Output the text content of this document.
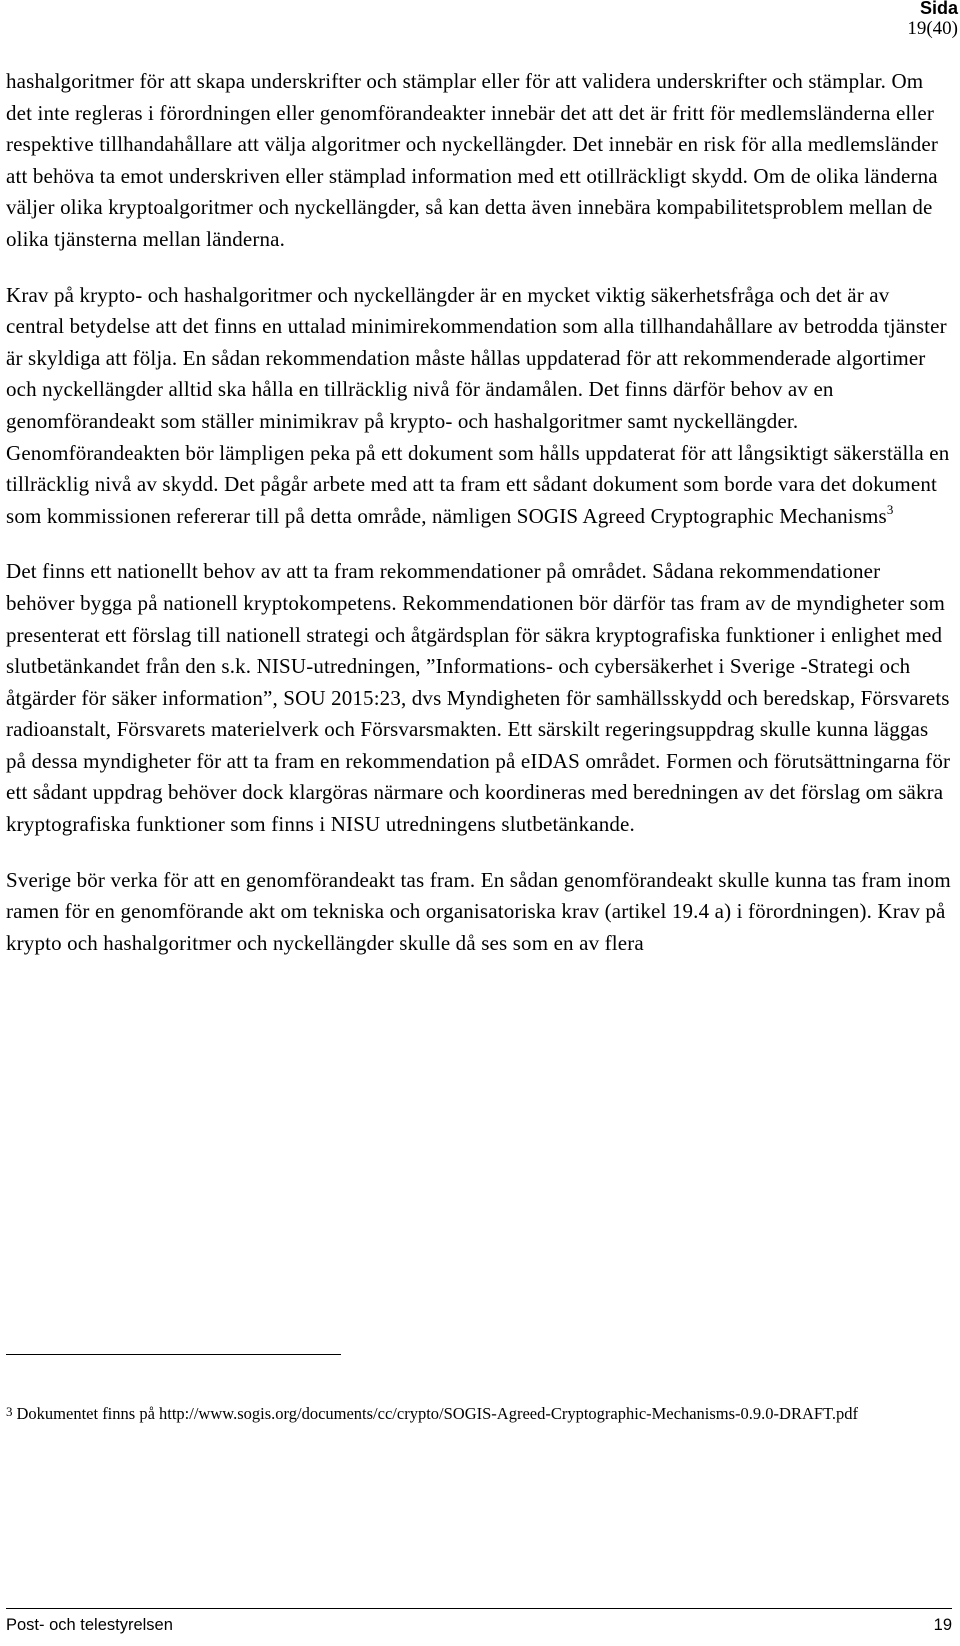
Sida
19(40)

hashalgoritmer för att skapa underskrifter och stämplar eller för att validera underskrifter och stämplar. Om det inte regleras i förordningen eller genomförandeakter innebär det att det är fritt för medlemsländerna eller respektive tillhandahållare att välja algoritmer och nyckellängder. Det innebär en risk för alla medlemsländer att behöva ta emot underskriven eller stämplad information med ett otillräckligt skydd. Om de olika länderna väljer olika kryptoalgoritmer och nyckellängder, så kan detta även innebära kompabilitetsproblem mellan de olika tjänsterna mellan länderna.

Krav på krypto- och hashalgoritmer och nyckellängder är en mycket viktig säkerhetsfråga och det är av central betydelse att det finns en uttalad minimirekommendation som alla tillhandahållare av betrodda tjänster är skyldiga att följa. En sådan rekommendation måste hållas uppdaterad för att rekommenderade algortimer och nyckellängder alltid ska hålla en tillräcklig nivå för ändamålen. Det finns därför behov av en genomförandeakt som ställer minimikrav på krypto- och hashalgoritmer samt nyckellängder. Genomförandeakten bör lämpligen peka på ett dokument som hålls uppdaterat för att långsiktigt säkerställa en tillräcklig nivå av skydd. Det pågår arbete med att ta fram ett sådant dokument som borde vara det dokument som kommissionen refererar till på detta område, nämligen SOGIS Agreed Cryptographic Mechanisms$^3$

Det finns ett nationellt behov av att ta fram rekommendationer på området. Sådana rekommendationer behöver bygga på nationell kryptokompetens. Rekommendationen bör därför tas fram av de myndigheter som presenterat ett förslag till nationell strategi och åtgärdsplan för säkra kryptografiska funktioner i enlighet med slutbetänkandet från den s.k. NISU-utredningen, ”Informations- och cybersäkerhet i Sverige -Strategi och åtgärder för säker information”, SOU 2015:23, dvs Myndigheten för samhällsskydd och beredskap, Försvarets radioanstalt, Försvarets materielverk och Försvarsmakten. Ett särskilt regeringsuppdrag skulle kunna läggas på dessa myndigheter för att ta fram en rekommendation på eIDAS området. Formen och förutsättningarna för ett sådant uppdrag behöver dock klargöras närmare och koordineras med beredningen av det förslag om säkra kryptografiska funktioner som finns i NISU utredningens slutbetänkande.

Sverige bör verka för att en genomförandeakt tas fram. En sådan genomförandeakt skulle kunna tas fram inom ramen för en genomförande akt om tekniska och organisatoriska krav (artikel 19.4 a) i förordningen). Krav på krypto och hashalgoritmer och nyckellängder skulle då ses som en av flera

3 Dokumentet finns på http://www.sogis.org/documents/cc/crypto/SOGIS-Agreed-Cryptographic-Mechanisms-0.9.0-DRAFT.pdf
Post- och telestyrelsen	19
